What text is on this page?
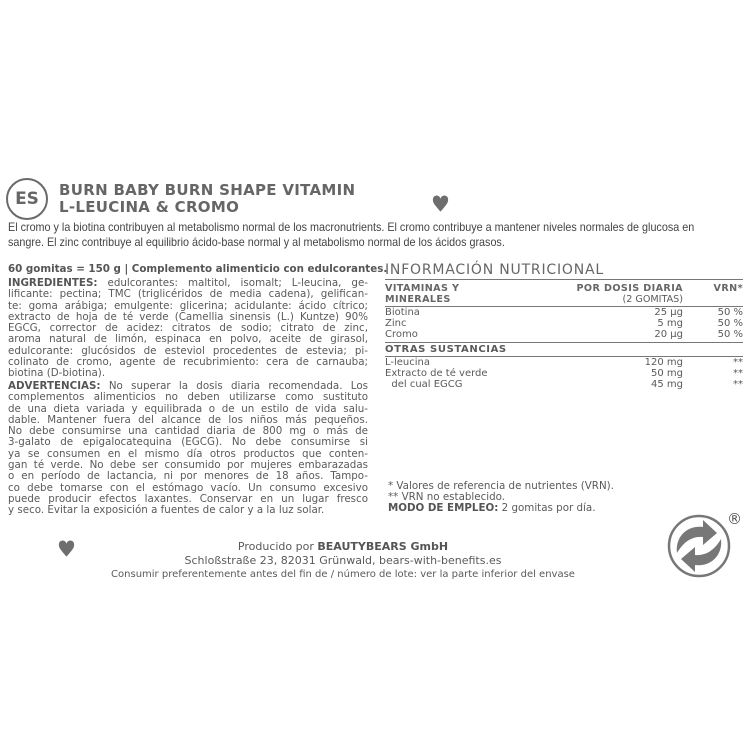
ES	BURN BABY BURN SHAPE VITAMIN
L-LEUCINA & CROMO
El cromo y la biotina contribuyen al metabolismo normal de los macronutrients. El cromo contribuye a mantener niveles normales de glucosa en sangre. El zinc contribuye al equilibrio ácido-base normal y al metabolismo normal de los ácidos grasos.
60 gomitas = 150 g | Complemento alimenticio con edulcorantes.
INGREDIENTES: edulcorantes: maltitol, isomalt; L-leucina, ge-
lificante: pectina; TMC (triglicéridos de media cadena), gelifican-
te: goma arábiga; emulgente: glicerina; acidulante: ácido cítrico;
extracto de hoja de té verde (Camellia sinensis (L.) Kuntze) 90%
EGCG, corrector de acidez: citratos de sodio; citrato de zinc,
aroma natural de limón, espinaca en polvo, aceite de girasol,
edulcorante: glucósidos de esteviol procedentes de estevia; pi-
colinato de cromo, agente de recubrimiento: cera de carnauba;
biotina (D-biotina).
ADVERTENCIAS: No superar la dosis diaria recomendada. Los
complementos alimenticios no deben utilizarse como sustituto
de una dieta variada y equilibrada o de un estilo de vida salu-
dable. Mantener fuera del alcance de los niños más pequeños.
No debe consumirse una cantidad diaria de 800 mg o más de
3-galato de epigalocatequina (EGCG). No debe consumirse si
ya se consumen en el mismo día otros productos que conten-
gan té verde. No debe ser consumido por mujeres embarazadas
o en período de lactancia, ni por menores de 18 años. Tampo-
co debe tomarse con el estómago vacío. Un consumo excesivo
puede producir efectos laxantes. Conservar en un lugar fresco
y seco. Evitar la exposición a fuentes de calor y a la luz solar.
INFORMACIÓN NUTRICIONAL
VITAMINAS Y	POR DOSIS DIARIA	VRN*
MINERALES	(2 GOMITAS)
Biotina	25 µg	50 %
Zinc	5 mg	50 %
Cromo	20 µg	50 %
OTRAS SUSTANCIAS
L-leucina	120 mg	**
Extracto de té verde	50 mg	**
del cual EGCG	45 mg	**
* Valores de referencia de nutrientes (VRN).
** VRN no establecido.
MODO DE EMPLEO: 2 gomitas por día.
Producido por BEAUTYBEARS GmbH
Schloßstraße 23, 82031 Grünwald, bears-with-benefits.es
Consumir preferentemente antes del fin de / número de lote: ver la parte inferior del envase
®
